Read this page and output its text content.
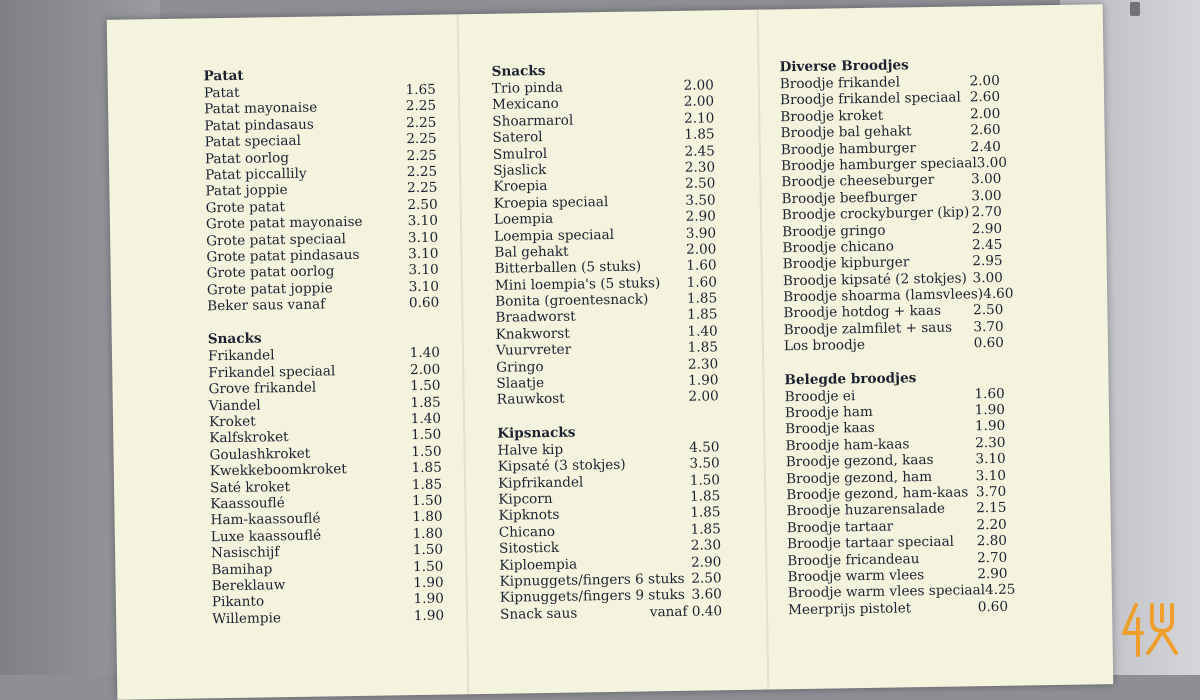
Patat
Patat	1.65
Patat mayonaise	2.25
Patat pindasaus	2.25
Patat speciaal	2.25
Patat oorlog	2.25
Patat piccallily	2.25
Patat joppie	2.25
Grote patat	2.50
Grote patat mayonaise	3.10
Grote patat speciaal	3.10
Grote patat pindasaus	3.10
Grote patat oorlog	3.10
Grote patat joppie	3.10
Beker saus vanaf	0.60
Snacks
Frikandel	1.40
Frikandel speciaal	2.00
Grove frikandel	1.50
Viandel	1.85
Kroket	1.40
Kalfskroket	1.50
Goulashkroket	1.50
Kwekkeboomkroket	1.85
Saté kroket	1.85
Kaassouflé	1.50
Ham-kaassouflé	1.80
Luxe kaassouflé	1.80
Nasischijf	1.50
Bamihap	1.50
Bereklauw	1.90
Pikanto	1.90
Willempie	1.90
Snacks
Trio pinda	2.00
Mexicano	2.00
Shoarmarol	2.10
Saterol	1.85
Smulrol	2.45
Sjaslick	2.30
Kroepia	2.50
Kroepia speciaal	3.50
Loempia	2.90
Loempia speciaal	3.90
Bal gehakt	2.00
Bitterballen (5 stuks)	1.60
Mini loempia's (5 stuks) 1.60
Bonita (groentesnack)	1.85
Braadworst	1.85
Knakworst	1.40
Vuurvreter	1.85
Gringo	2.30
Slaatje	1.90
Rauwkost	2.00
Kipsnacks
Halve kip	4.50
Kipsaté (3 stokjes)	3.50
Kipfrikandel	1.50
Kipcorn	1.85
Kipknots	1.85
Chicano	1.85
Sitostick	2.30
Kiploempia	2.90
Kipnuggets/fingers 6 stuks 2.50
Kipnuggets/fingers 9 stuks 3.60
Snack saus	vanaf 0.40
Diverse Broodjes
Broodje frikandel	2.00
Broodje frikandel speciaal 2.60
Broodje kroket	2.00
Broodje bal gehakt	2.60
Broodje hamburger	2.40
Broodje hamburger speciaal 3.00
Broodje cheeseburger	3.00
Broodje beefburger	3.00
Broodje crockyburger (kip) 2.70
Broodje gringo	2.90
Broodje chicano	2.45
Broodje kipburger	2.95
Broodje kipsaté (2 stokjes) 3.00
Broodje shoarma (lamsvlees) 4.60
Broodje hotdog + kaas 2.50
Broodje zalmfilet + saus 3.70
Los broodje	0.60
Belegde broodjes
Broodje ei	1.60
Broodje ham	1.90
Broodje kaas	1.90
Broodje ham-kaas	2.30
Broodje gezond, kaas	3.10
Broodje gezond, ham	3.10
Broodje gezond, ham-kaas 3.70
Broodje huzarensalade 2.15
Broodje tartaar	2.20
Broodje tartaar speciaal 2.80
Broodje fricandeau	2.70
Broodje warm vlees	2.90
Broodje warm vlees speciaal 4.25
Meerprijs pistolet	0.60
